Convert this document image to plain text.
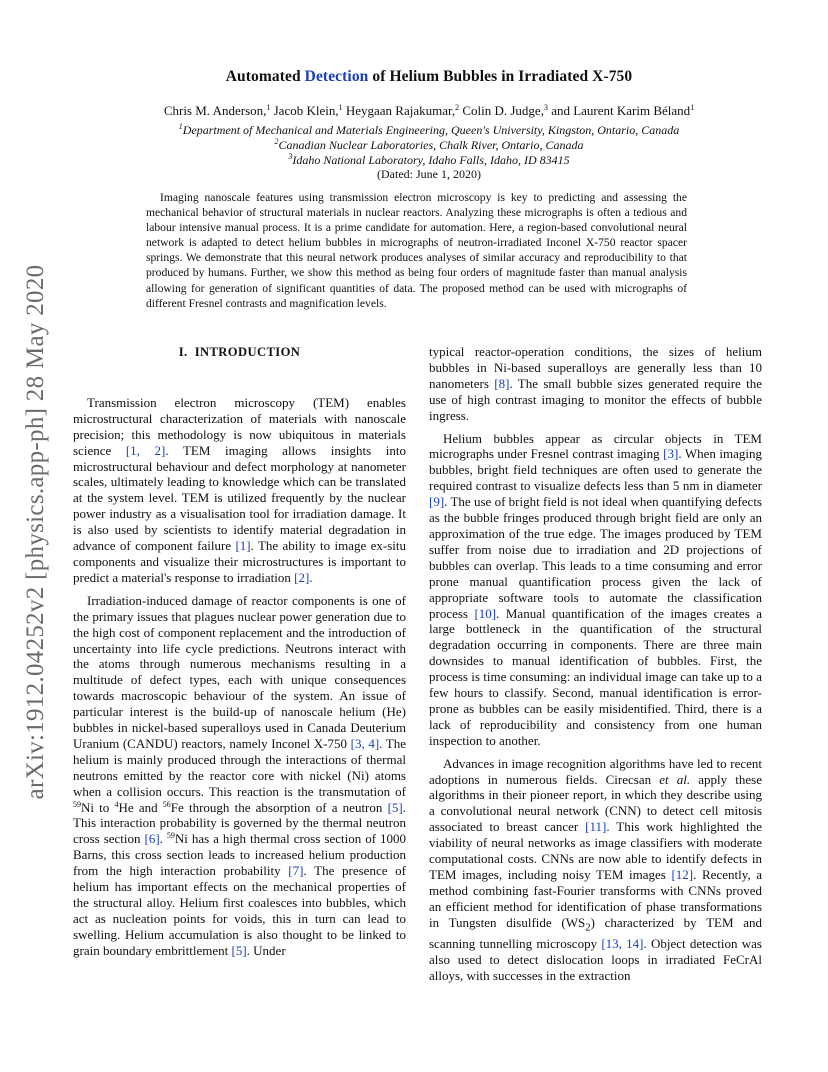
arXiv:1912.04252v2 [physics.app-ph] 28 May 2020
Automated Detection of Helium Bubbles in Irradiated X-750
Chris M. Anderson,$^1$ Jacob Klein,$^1$ Heygaan Rajakumar,$^2$ Colin D. Judge,$^3$ and Laurent Karim Béland$^1$
$^1$Department of Mechanical and Materials Engineering, Queen's University, Kingston, Ontario, Canada
$^2$Canadian Nuclear Laboratories, Chalk River, Ontario, Canada
$^3$Idaho National Laboratory, Idaho Falls, Idaho, ID 83415
(Dated: June 1, 2020)

Imaging nanoscale features using transmission electron microscopy is key to predicting and assessing the mechanical behavior of structural materials in nuclear reactors. Analyzing these micrographs is often a tedious and labour intensive manual process. It is a prime candidate for automation. Here, a region-based convolutional neural network is adapted to detect helium bubbles in micrographs of neutron-irradiated Inconel X-750 reactor spacer springs. We demonstrate that this neural network produces analyses of similar accuracy and reproducibility to that produced by humans. Further, we show this method as being four orders of magnitude faster than manual analysis allowing for generation of significant quantities of data. The proposed method can be used with micrographs of different Fresnel contrasts and magnification levels.

I. INTRODUCTION

Transmission electron microscopy (TEM) enables microstructural characterization of materials with nanoscale precision; this methodology is now ubiquitous in materials science [1, 2]. TEM imaging allows insights into microstructural behaviour and defect morphology at nanometer scales, ultimately leading to knowledge which can be translated at the system level. TEM is utilized frequently by the nuclear power industry as a visualisation tool for irradiation damage. It is also used by scientists to identify material degradation in advance of component failure [1]. The ability to image ex-situ components and visualize their microstructures is important to predict a material's response to irradiation [2].

Irradiation-induced damage of reactor components is one of the primary issues that plagues nuclear power generation due to the high cost of component replacement and the introduction of uncertainty into life cycle predictions. Neutrons interact with the atoms through numerous mechanisms resulting in a multitude of defect types, each with unique consequences towards macroscopic behaviour of the system. An issue of particular interest is the build-up of nanoscale helium (He) bubbles in nickel-based superalloys used in Canada Deuterium Uranium (CANDU) reactors, namely Inconel X-750 [3, 4]. The helium is mainly produced through the interactions of thermal neutrons emitted by the reactor core with nickel (Ni) atoms when a collision occurs. This reaction is the transmutation of $^{59}$Ni to $^4$He and $^{56}$Fe through the absorption of a neutron [5]. This interaction probability is governed by the thermal neutron cross section [6]. $^{59}$Ni has a high thermal cross section of 1000 Barns, this cross section leads to increased helium production from the high interaction probability [7]. The presence of helium has important effects on the mechanical properties of the structural alloy. Helium first coalesces into bubbles, which act as nucleation points for voids, this in turn can lead to swelling. Helium accumulation is also thought to be linked to grain boundary embrittlement [5]. Under

typical reactor-operation conditions, the sizes of helium bubbles in Ni-based superalloys are generally less than 10 nanometers [8]. The small bubble sizes generated require the use of high contrast imaging to monitor the effects of bubble ingress.

Helium bubbles appear as circular objects in TEM micrographs under Fresnel contrast imaging [3]. When imaging bubbles, bright field techniques are often used to generate the required contrast to visualize defects less than 5 nm in diameter [9]. The use of bright field is not ideal when quantifying defects as the bubble fringes produced through bright field are only an approximation of the true edge. The images produced by TEM suffer from noise due to irradiation and 2D projections of bubbles can overlap. This leads to a time consuming and error prone manual quantification process given the lack of appropriate software tools to automate the classification process [10]. Manual quantification of the images creates a large bottleneck in the quantification of the structural degradation occurring in components. There are three main downsides to manual identification of bubbles. First, the process is time consuming: an individual image can take up to a few hours to classify. Second, manual identification is error-prone as bubbles can be easily misidentified. Third, there is a lack of reproducibility and consistency from one human inspection to another.

Advances in image recognition algorithms have led to recent adoptions in numerous fields. Cirecsan et al. apply these algorithms in their pioneer report, in which they describe using a convolutional neural network (CNN) to detect cell mitosis associated to breast cancer [11]. This work highlighted the viability of neural networks as image classifiers with moderate computational costs. CNNs are now able to identify defects in TEM images, including noisy TEM images [12]. Recently, a method combining fast-Fourier transforms with CNNs proved an efficient method for identification of phase transformations in Tungsten disulfide $(WS_2)$ characterized by TEM and scanning tunnelling microscopy [13, 14]. Object detection was also used to detect dislocation loops in irradiated FeCrAl alloys, with successes in the extraction
